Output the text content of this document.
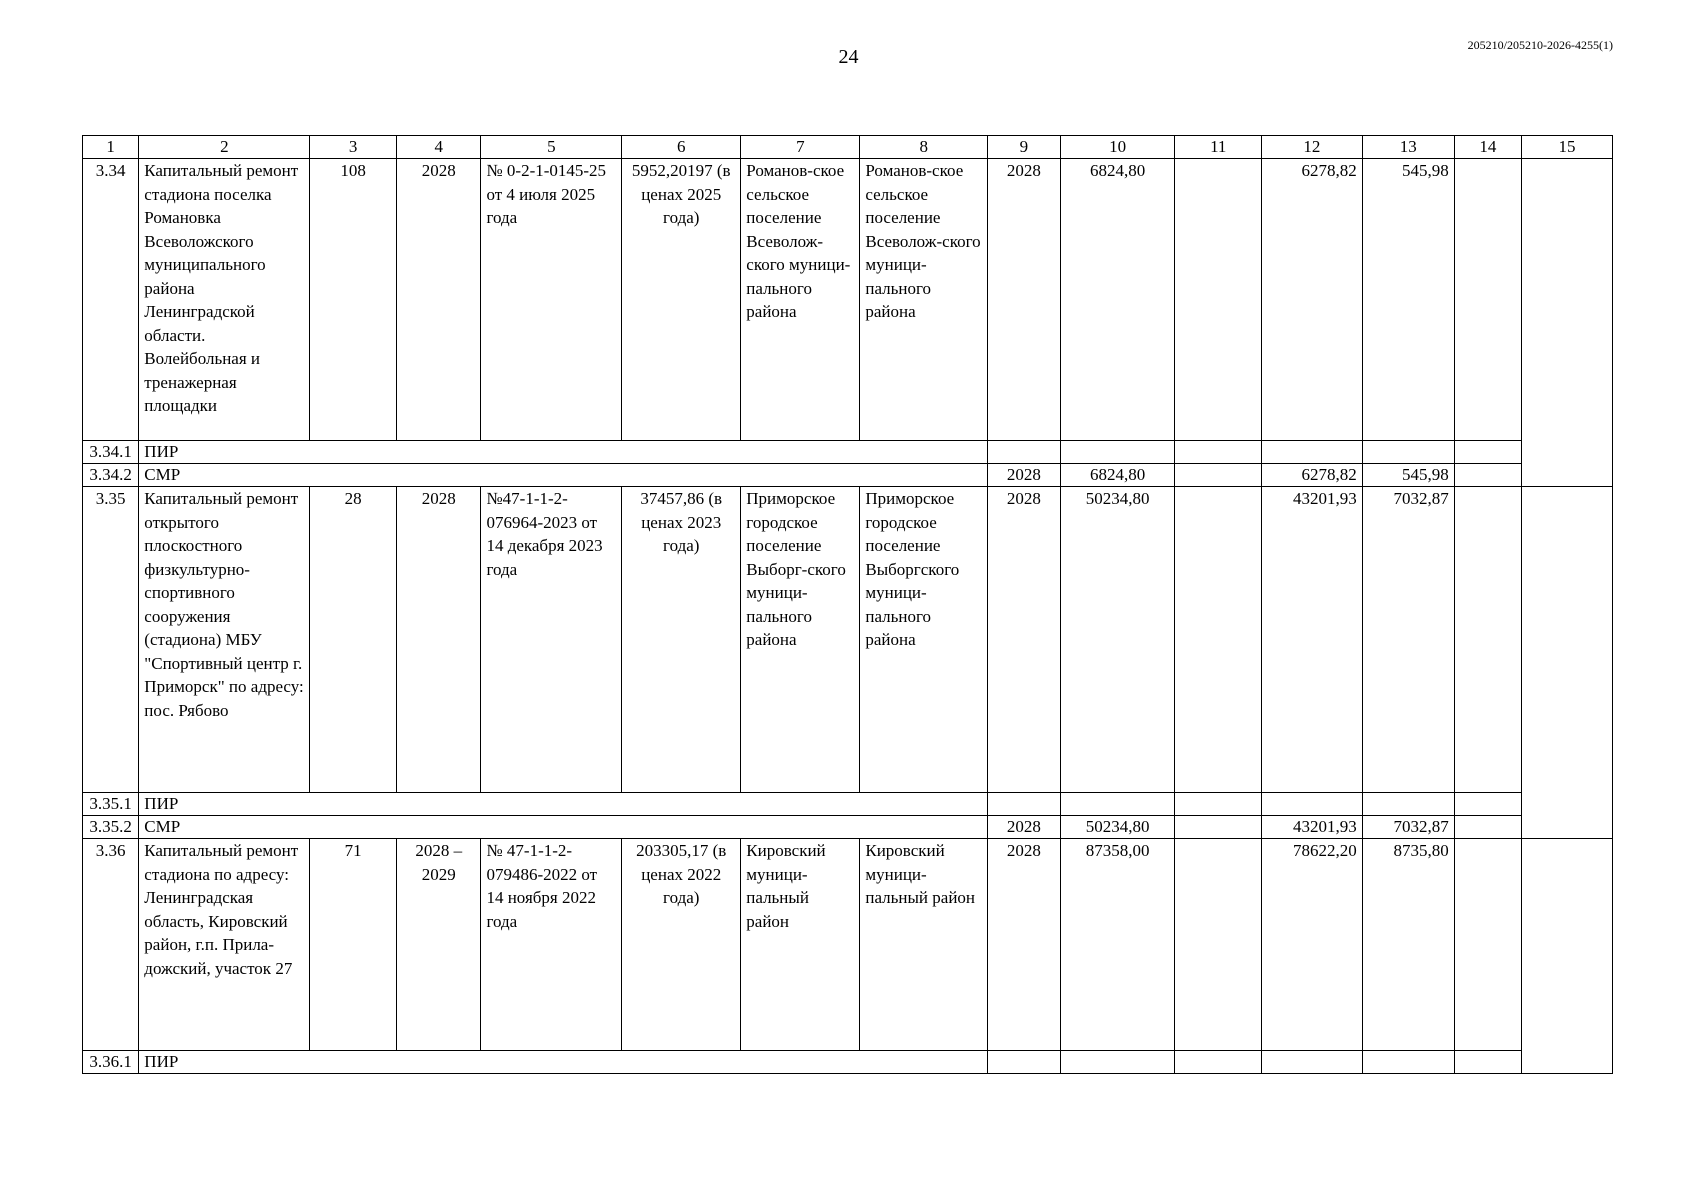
24
205210/205210-2026-4255(1)
1	2	3	4	5	6	7	8	9	10	11	12	13	14	15
3.34	Капитальный ремонт стадиона поселка Романовка Всеволожского муниципального района Ленинградской области. Волейбольная и тренажерная площадки	108	2028	№ 0-2-1-0145-25 от 4 июля 2025 года	5952,20197 (в ценах 2025 года)	Романов-ское сельское поселение Всеволож-ского муници-пального района	Романов-ское сельское поселение Всеволож-ского муници-пального района	2028	6824,80		6278,82	545,98		
3.34.1	ПИР													
3.34.2	СМР							2028	6824,80		6278,82	545,98		
3.35	Капитальный ремонт открытого плоскостного физкультурно-спортивного сооружения (стадиона) МБУ "Спортивный центр г. Приморск" по адресу: пос. Рябово	28	2028	№47-1-1-2-076964-2023 от 14 декабря 2023 года	37457,86 (в ценах 2023 года)	Приморское городское поселение Выборг-ского муници-пального района	Приморское городское поселение Выборгского муници-пального района	2028	50234,80		43201,93	7032,87		
3.35.1	ПИР													
3.35.2	СМР							2028	50234,80		43201,93	7032,87		
3.36	Капитальный ремонт стадиона по адресу: Ленинградская область, Кировский район, г.п. Прила-дожский, участок 27	71	2028 – 2029	№ 47-1-1-2-079486-2022 от 14 ноября 2022 года	203305,17 (в ценах 2022 года)	Кировский муници-пальный район	Кировский муници-пальный район	2028	87358,00		78622,20	8735,80		
3.36.1	ПИР													
